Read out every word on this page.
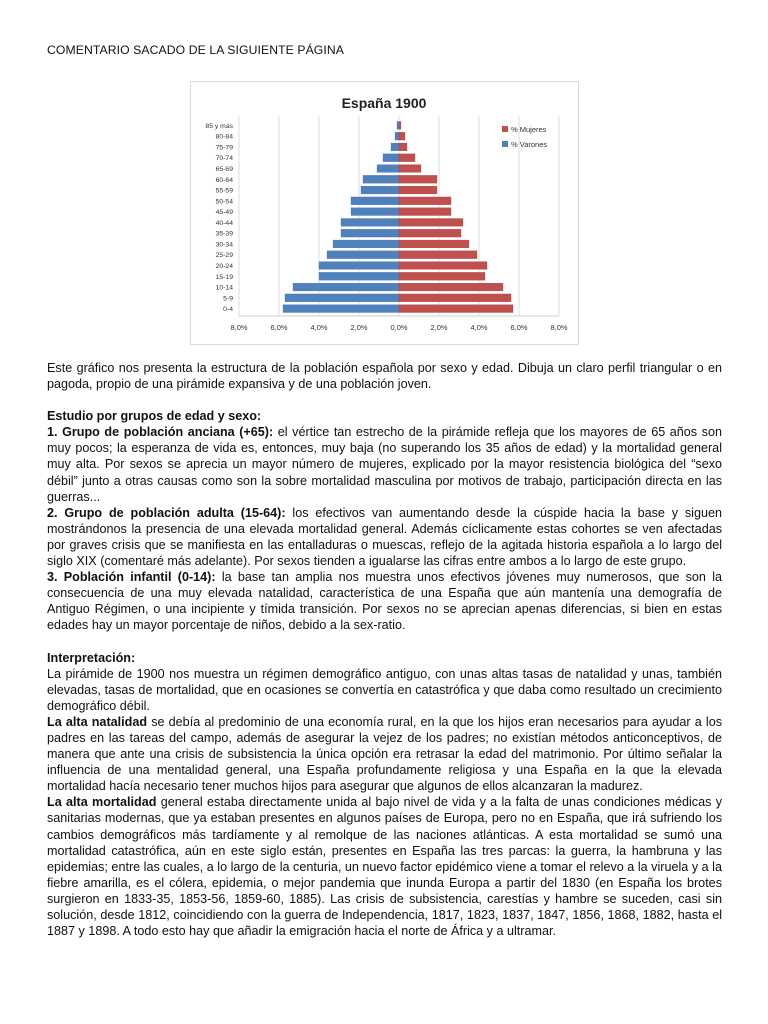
COMENTARIO SACADO DE LA SIGUIENTE PÁGINA
España 1900
0-4
5-9
10-14
15-19
20-24
25-29
30-34
35-39
40-44
45-49
50-54
55-59
60-64
65-69
70-74
75-79
80-84
85 y más
8,0%	6,0%	4,0%	2,0%	0,0%	2,0%	4,0%	6,0%	8,0%
% Mujeres
% Varones

Este gráfico nos presenta la estructura de la población española por sexo y edad. Dibuja un claro perfil triangular o en pagoda, propio de una pirámide expansiva y de una población joven.

Estudio por grupos de edad y sexo:

1. Grupo de población anciana (+65): el vértice tan estrecho de la pirámide refleja que los mayores de 65 años son muy pocos; la esperanza de vida es, entonces, muy baja (no superando los 35 años de edad) y la mortalidad general muy alta. Por sexos se aprecia un mayor número de mujeres, explicado por la mayor resistencia biológica del “sexo débil” junto a otras causas como son la sobre mortalidad masculina por motivos de trabajo, participación directa en las guerras...

2. Grupo de población adulta (15-64): los efectivos van aumentando desde la cúspide hacia la base y siguen mostrándonos la presencia de una elevada mortalidad general. Además cíclicamente estas cohortes se ven afectadas por graves crisis que se manifiesta en las entalladuras o muescas, reflejo de la agitada historia española a lo largo del siglo XIX (comentaré más adelante). Por sexos tienden a igualarse las cifras entre ambos a lo largo de este grupo.

3. Población infantil (0-14): la base tan amplia nos muestra unos efectivos jóvenes muy numerosos, que son la consecuencia de una muy elevada natalidad, característica de una España que aún mantenía una demografía de Antiguo Régimen, o una incipiente y tímida transición. Por sexos no se aprecian apenas diferencias, si bien en estas edades hay un mayor porcentaje de niños, debido a la sex-ratio.

Interpretación:

La pirámide de 1900 nos muestra un régimen demográfico antiguo, con unas altas tasas de natalidad y unas, también elevadas, tasas de mortalidad, que en ocasiones se convertía en catastrófica y que daba como resultado un crecimiento demográfico débil.

La alta natalidad se debía al predominio de una economía rural, en la que los hijos eran necesarios para ayudar a los padres en las tareas del campo, además de asegurar la vejez de los padres; no existían métodos anticonceptivos, de manera que ante una crisis de subsistencia la única opción era retrasar la edad del matrimonio. Por último señalar la influencia de una mentalidad general, una España profundamente religiosa y una España en la que la elevada mortalidad hacía necesario tener muchos hijos para asegurar que algunos de ellos alcanzaran la madurez.

La alta mortalidad general estaba directamente unida al bajo nivel de vida y a la falta de unas condiciones médicas y sanitarias modernas, que ya estaban presentes en algunos países de Europa, pero no en España, que irá sufriendo los cambios demográficos más tardíamente y al remolque de las naciones atlánticas. A esta mortalidad se sumó una mortalidad catastrófica, aún en este siglo están, presentes en España las tres parcas: la guerra, la hambruna y las epidemias; entre las cuales, a lo largo de la centuria, un nuevo factor epidémico viene a tomar el relevo a la viruela y a la fiebre amarilla, es el cólera, epidemia, o mejor pandemia que inunda Europa a partir del 1830 (en España los brotes surgieron en 1833-35, 1853-56, 1859-60, 1885). Las crisis de subsistencia, carestías y hambre se suceden, casi sin solución, desde 1812, coincidiendo con la guerra de Independencia, 1817, 1823, 1837, 1847, 1856, 1868, 1882, hasta el 1887 y 1898. A todo esto hay que añadir la emigración hacia el norte de África y a ultramar.
